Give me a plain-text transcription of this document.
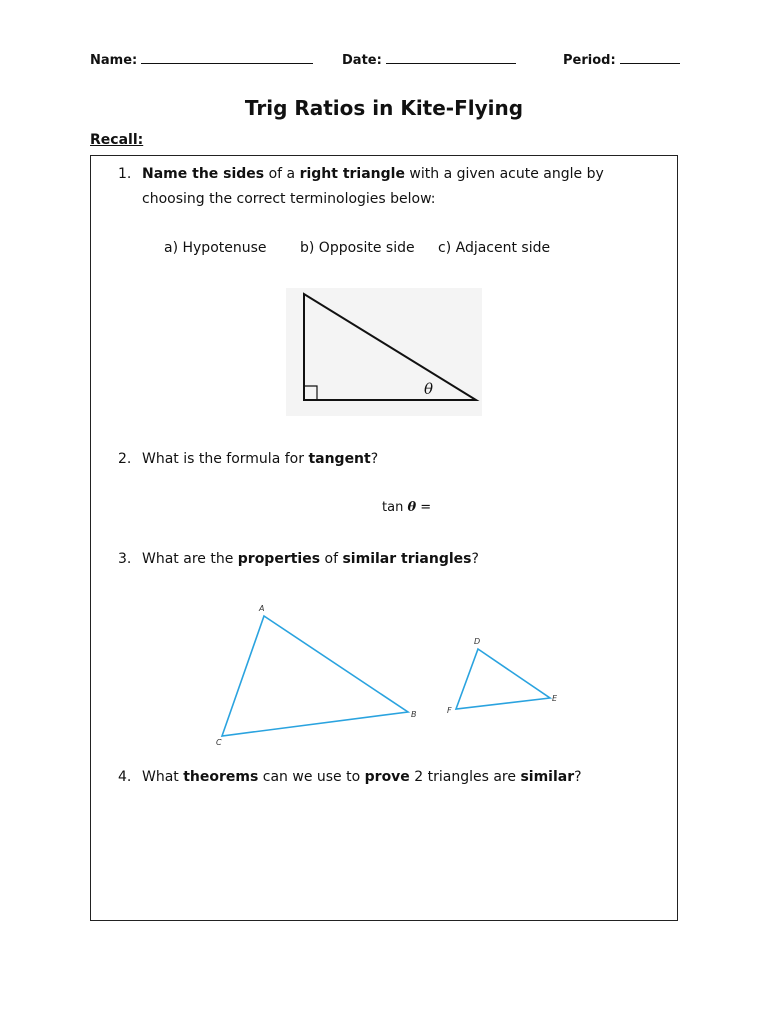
Name:	Date:	Period:
Trig Ratios in Kite-Flying
Recall:
1. Name the sides of a right triangle with a given acute angle by choosing the correct terminologies below:
a) Hypotenuse b) Opposite side c) Adjacent side
θ
2. What is the formula for tangent?
tan θ =
3. What are the properties of similar triangles?
A
B
C
D
E
F
4. What theorems can we use to prove 2 triangles are similar?
